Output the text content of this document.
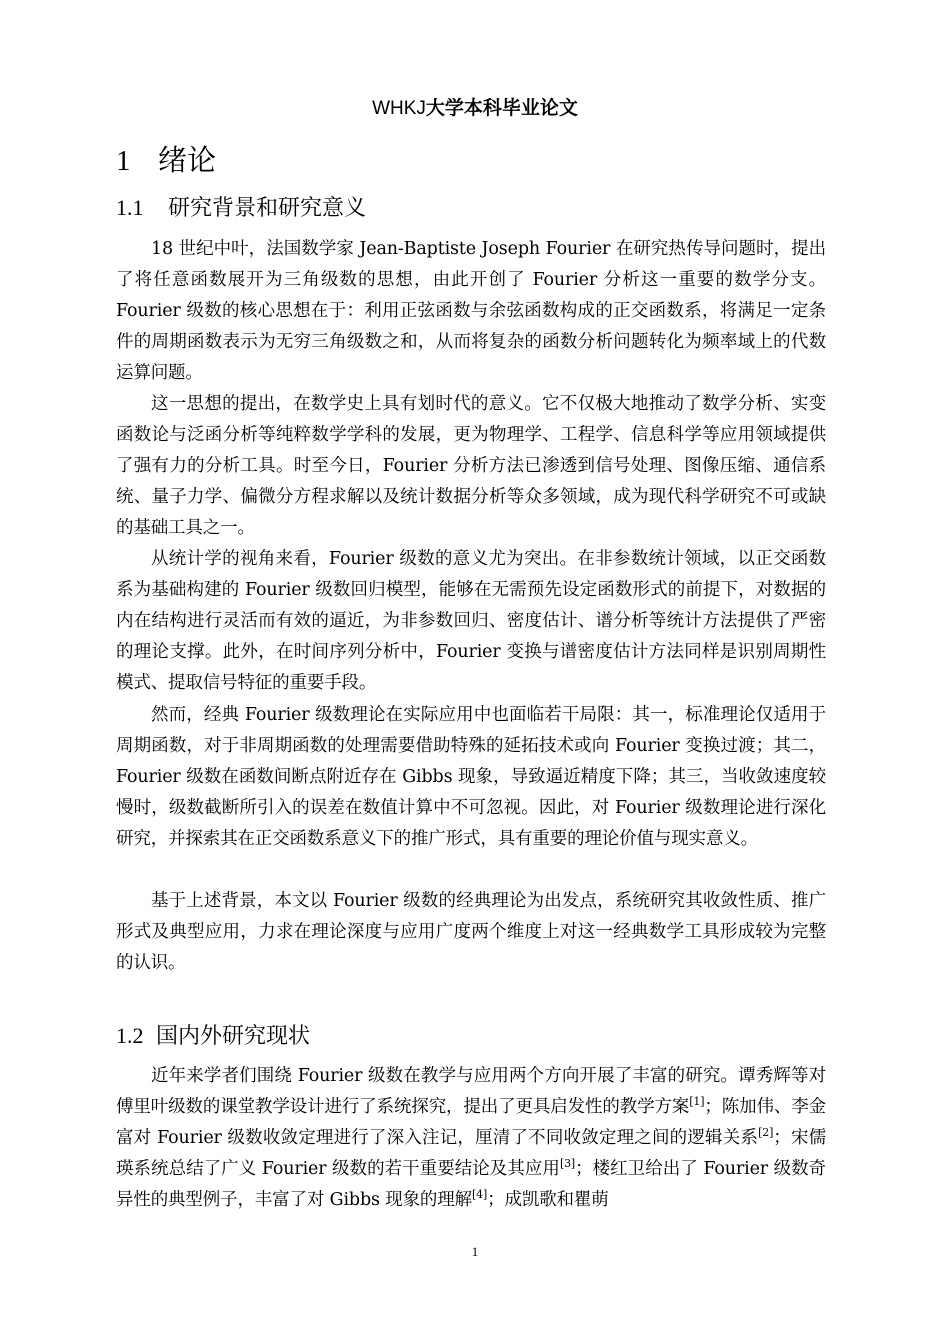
WHKJ大学本科毕业论文
1 绪论
1.1 研究背景和研究意义

18 世纪中叶，法国数学家 Jean-Baptiste Joseph Fourier 在研究热传导问题时，提出了将任意函数展开为三角级数的思想，由此开创了 Fourier 分析这一重要的数学分支。Fourier 级数的核心思想在于：利用正弦函数与余弦函数构成的正交函数系，将满足一定条件的周期函数表示为无穷三角级数之和，从而将复杂的函数分析问题转化为频率域上的代数运算问题。

这一思想的提出，在数学史上具有划时代的意义。它不仅极大地推动了数学分析、实变函数论与泛函分析等纯粹数学学科的发展，更为物理学、工程学、信息科学等应用领域提供了强有力的分析工具。时至今日，Fourier 分析方法已渗透到信号处理、图像压缩、通信系统、量子力学、偏微分方程求解以及统计数据分析等众多领域，成为现代科学研究不可或缺的基础工具之一。

从统计学的视角来看，Fourier 级数的意义尤为突出。在非参数统计领域，以正交函数系为基础构建的 Fourier 级数回归模型，能够在无需预先设定函数形式的前提下，对数据的内在结构进行灵活而有效的逼近，为非参数回归、密度估计、谱分析等统计方法提供了严密的理论支撑。此外，在时间序列分析中，Fourier 变换与谱密度估计方法同样是识别周期性模式、提取信号特征的重要手段。

然而，经典 Fourier 级数理论在实际应用中也面临若干局限：其一，标准理论仅适用于周期函数，对于非周期函数的处理需要借助特殊的延拓技术或向 Fourier 变换过渡；其二，Fourier 级数在函数间断点附近存在 Gibbs 现象，导致逼近精度下降；其三，当收敛速度较慢时，级数截断所引入的误差在数值计算中不可忽视。因此，对 Fourier 级数理论进行深化研究，并探索其在正交函数系意义下的推广形式，具有重要的理论价值与现实意义。

基于上述背景，本文以 Fourier 级数的经典理论为出发点，系统研究其收敛性质、推广形式及典型应用，力求在理论深度与应用广度两个维度上对这一经典数学工具形成较为完整的认识。

1.2 国内外研究现状

近年来学者们围绕 Fourier 级数在教学与应用两个方向开展了丰富的研究。谭秀辉等对傅里叶级数的课堂教学设计进行了系统探究，提出了更具启发性的教学方案[1]；陈加伟、李金富对 Fourier 级数收敛定理进行了深入注记，厘清了不同收敛定理之间的逻辑关系[2]；宋儒瑛系统总结了广义 Fourier 级数的若干重要结论及其应用[3]；楼红卫给出了 Fourier 级数奇异性的典型例子，丰富了对 Gibbs 现象的理解[4]；成凯歌和瞿萌

1
